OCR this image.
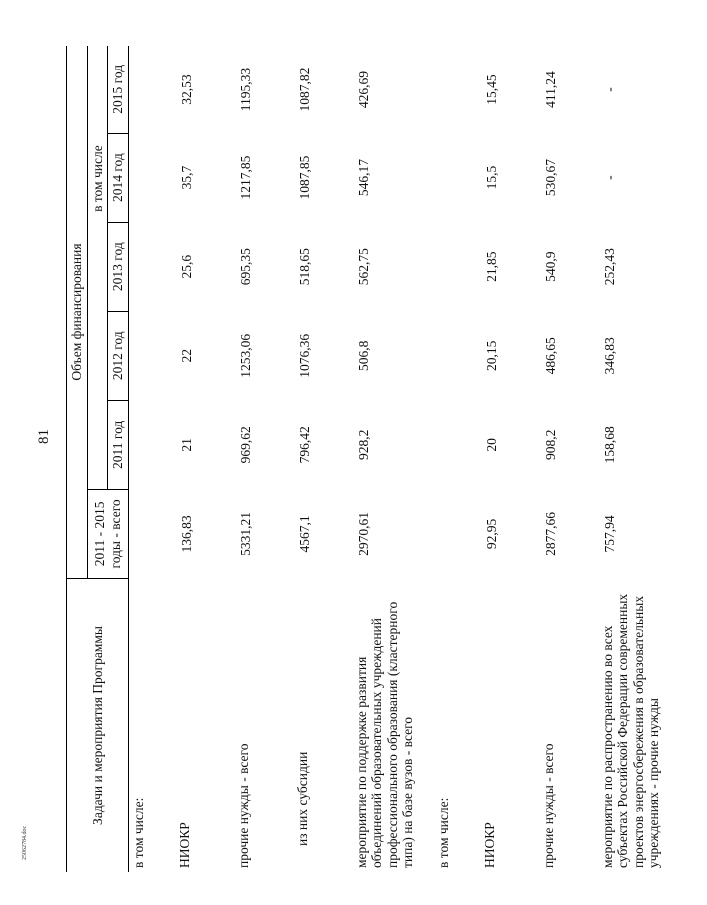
81
25062784.doc
Задачи и мероприятия Программы	Объем финансирования					
	2011 - 2015 годы - всего			в том числе		
		2011 год	2012 год	2013 год	2014 год	2015 год
в том числе:						
НИОКР	136,83	21	22	25,6	35,7	32,53
прочие нужды - всего	5331,21	969,62	1253,06	695,35	1217,85	1195,33
из них субсидии	4567,1	796,42	1076,36	518,65	1087,85	1087,82
мероприятие по поддержке развития объединений образовательных учреждений профессионального образования (кластерного типа) на базе вузов - всего	2970,61	928,2	506,8	562,75	546,17	426,69
в том числе:						
НИОКР	92,95	20	20,15	21,85	15,5	15,45
прочие нужды - всего	2877,66	908,2	486,65	540,9	530,67	411,24
мероприятие по распространению во всех субъектах Российской Федерации современных проектов энергосбережения в образовательных учреждениях - прочие нужды	757,94	158,68	346,83	252,43	-	-
